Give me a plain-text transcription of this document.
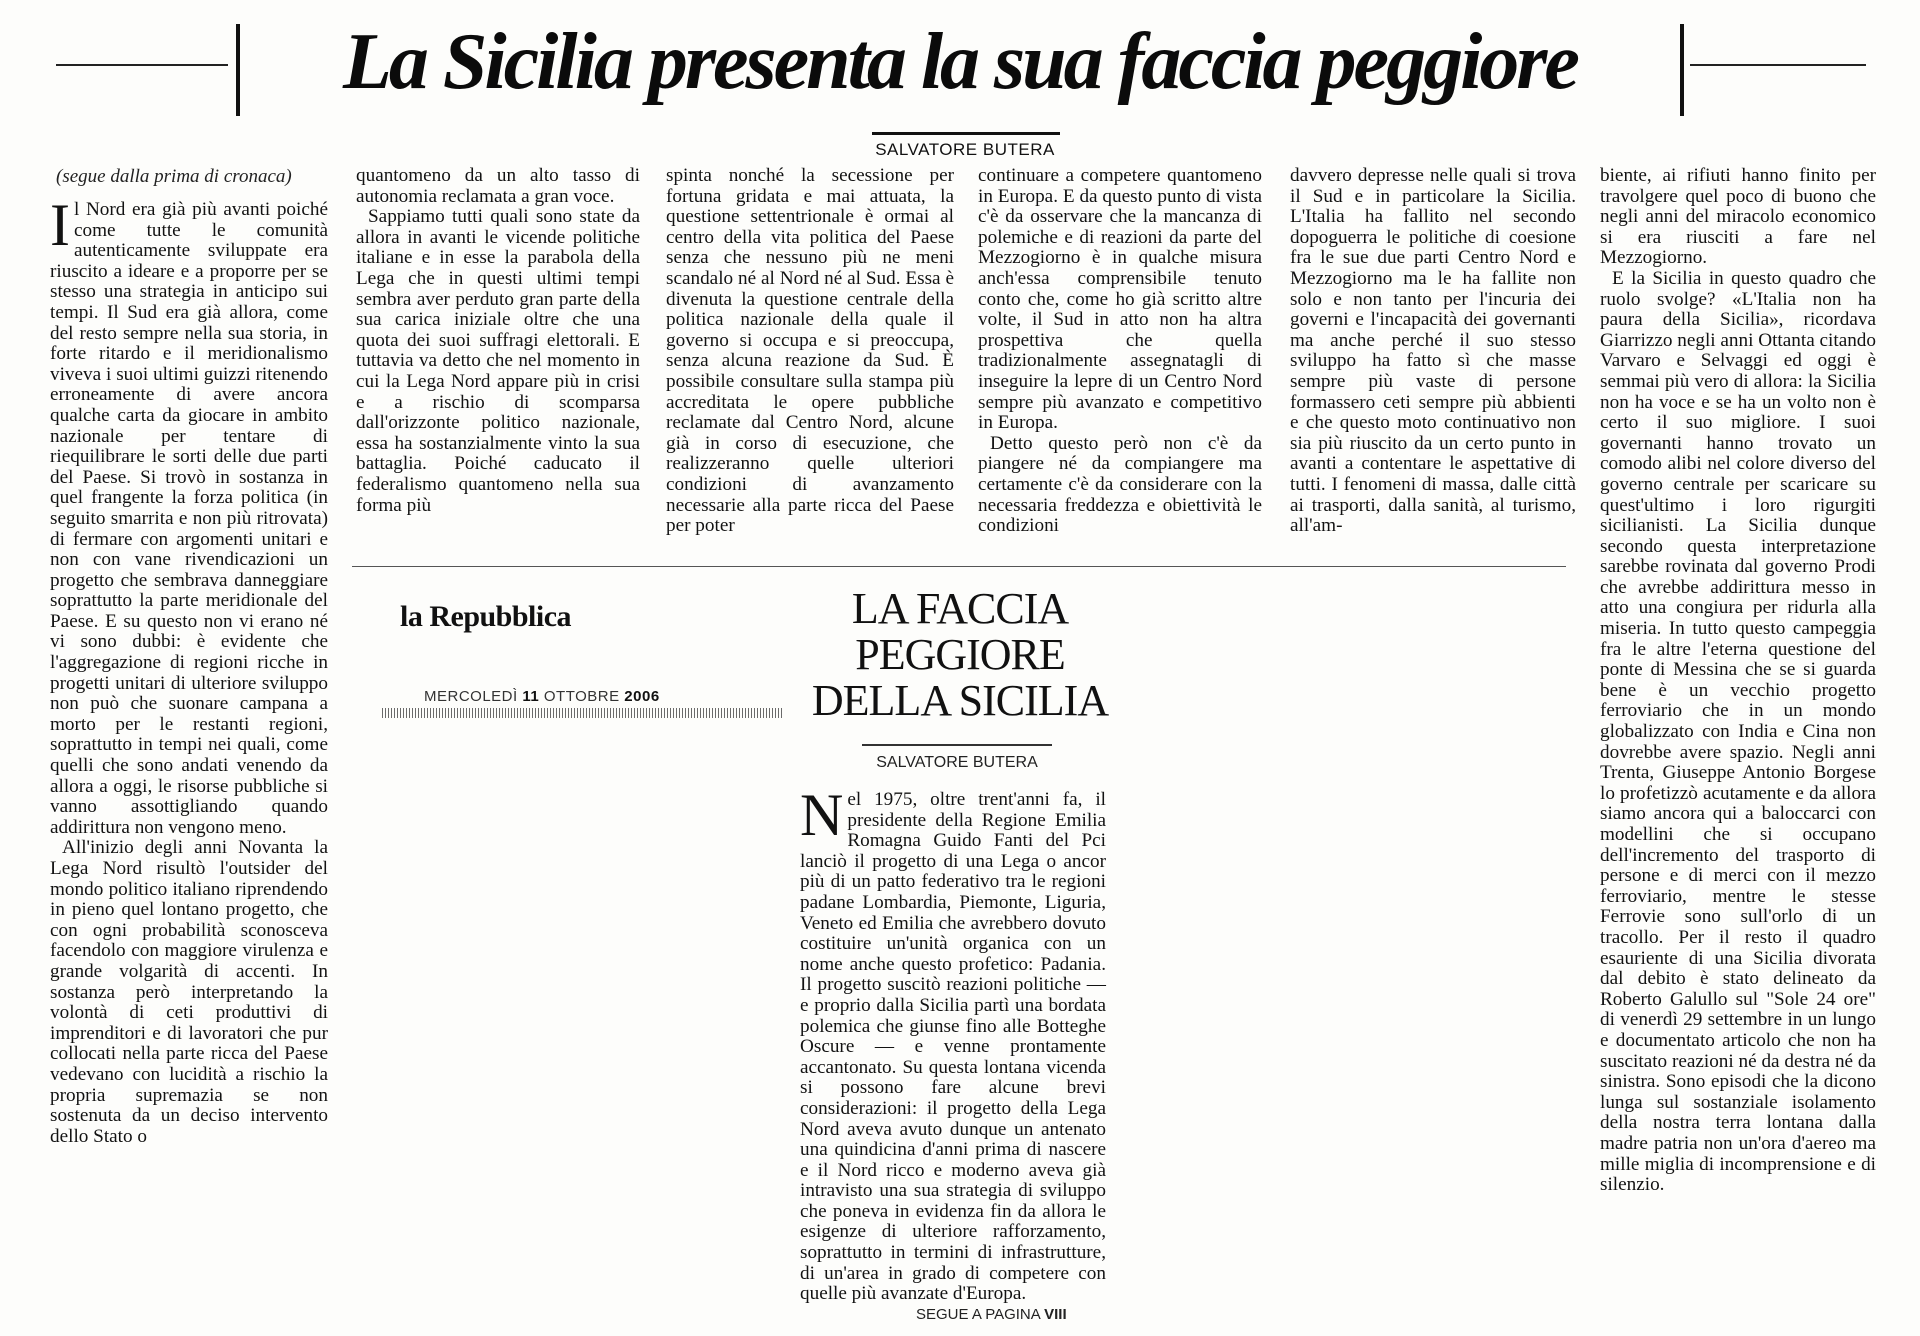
La Sicilia presenta la sua faccia peggiore
SALVATORE BUTERA
(segue dalla prima di cronaca)

Il Nord era già più avanti poiché come tutte le comunità autenticamente sviluppate era riuscito a ideare e a proporre per se stesso una strategia in anticipo sui tempi. Il Sud era già allora, come del resto sempre nella sua storia, in forte ritardo e il meridionalismo viveva i suoi ultimi guizzi ritenendo erroneamente di avere ancora qualche carta da giocare in ambito nazionale per tentare di riequilibrare le sorti delle due parti del Paese. Si trovò in sostanza in quel frangente la forza politica (in seguito smarrita e non più ritrovata) di fermare con argomenti unitari e non con vane rivendicazioni un progetto che sembrava danneggiare soprattutto la parte meridionale del Paese. E su questo non vi erano né vi sono dubbi: è evidente che l'aggregazione di regioni ricche in progetti unitari di ulteriore sviluppo non può che suonare campana a morto per le restanti regioni, soprattutto in tempi nei quali, come quelli che sono andati venendo da allora a oggi, le risorse pubbliche si vanno assottigliando quando addirittura non vengono meno.

All'inizio degli anni Novanta la Lega Nord risultò l'outsider del mondo politico italiano riprendendo in pieno quel lontano progetto, che con ogni probabilità sconosceva facendolo con maggiore virulenza e grande volgarità di accenti. In sostanza però interpretando la volontà di ceti produttivi di imprenditori e di lavoratori che pur collocati nella parte ricca del Paese vedevano con lucidità a rischio la propria supremazia se non sostenuta da un deciso intervento dello Stato o

quantomeno da un alto tasso di autonomia reclamata a gran voce.

Sappiamo tutti quali sono state da allora in avanti le vicende politiche italiane e in esse la parabola della Lega che in questi ultimi tempi sembra aver perduto gran parte della sua carica iniziale oltre che una quota dei suoi suffragi elettorali. E tuttavia va detto che nel momento in cui la Lega Nord appare più in crisi e a rischio di scomparsa dall'orizzonte politico nazionale, essa ha sostanzialmente vinto la sua battaglia. Poiché caducato il federalismo quantomeno nella sua forma più

spinta nonché la secessione per fortuna gridata e mai attuata, la questione settentrionale è ormai al centro della vita politica del Paese senza che nessuno più ne meni scandalo né al Nord né al Sud. Essa è divenuta la questione centrale della politica nazionale della quale il governo si occupa e si preoccupa, senza alcuna reazione da Sud. È possibile consultare sulla stampa più accreditata le opere pubbliche reclamate dal Centro Nord, alcune già in corso di esecuzione, che realizzeranno quelle ulteriori condizioni di avanzamento necessarie alla parte ricca del Paese per poter

continuare a competere quantomeno in Europa. E da questo punto di vista c'è da osservare che la mancanza di polemiche e di reazioni da parte del Mezzogiorno è in qualche misura anch'essa comprensibile tenuto conto che, come ho già scritto altre volte, il Sud in atto non ha altra prospettiva che quella tradizionalmente assegnatagli di inseguire la lepre di un Centro Nord sempre più avanzato e competitivo in Europa.

Detto questo però non c'è da piangere né da compiangere ma certamente c'è da considerare con la necessaria freddezza e obiettività le condizioni

davvero depresse nelle quali si trova il Sud e in particolare la Sicilia. L'Italia ha fallito nel secondo dopoguerra le politiche di coesione fra le sue due parti Centro Nord e Mezzogiorno ma le ha fallite non solo e non tanto per l'incuria dei governi e l'incapacità dei governanti ma anche perché il suo stesso sviluppo ha fatto sì che masse sempre più vaste di persone formassero ceti sempre più abbienti e che questo moto continuativo non sia più riuscito da un certo punto in avanti a contentare le aspettative di tutti. I fenomeni di massa, dalle città ai trasporti, dalla sanità, al turismo, all'am-

biente, ai rifiuti hanno finito per travolgere quel poco di buono che negli anni del miracolo economico si era riusciti a fare nel Mezzogiorno.

E la Sicilia in questo quadro che ruolo svolge? «L'Italia non ha paura della Sicilia», ricordava Giarrizzo negli anni Ottanta citando Varvaro e Selvaggi ed oggi è semmai più vero di allora: la Sicilia non ha voce e se ha un volto non è certo il suo migliore. I suoi governanti hanno trovato un comodo alibi nel colore diverso del governo centrale per scaricare su quest'ultimo i loro rigurgiti sicilianisti. La Sicilia dunque secondo questa interpretazione sarebbe rovinata dal governo Prodi che avrebbe addirittura messo in atto una congiura per ridurla alla miseria. In tutto questo campeggia fra le altre l'eterna questione del ponte di Messina che se si guarda bene è un vecchio progetto ferroviario che in un mondo globalizzato con India e Cina non dovrebbe avere spazio. Negli anni Trenta, Giuseppe Antonio Borgese lo profetizzò acutamente e da allora siamo ancora qui a baloccarci con modellini che si occupano dell'incremento del trasporto di persone e di merci con il mezzo ferroviario, mentre le stesse Ferrovie sono sull'orlo di un tracollo. Per il resto il quadro esauriente di una Sicilia divorata dal debito è stato delineato da Roberto Galullo sul "Sole 24 ore" di venerdì 29 settembre in un lungo e documentato articolo che non ha suscitato reazioni né da destra né da sinistra. Sono episodi che la dicono lunga sul sostanziale isolamento della nostra terra lontana dalla madre patria non un'ora d'aereo ma mille miglia di incomprensione e di silenzio.

la Repubblica
MERCOLEDÌ 11 OTTOBRE 2006
LA FACCIA
PEGGIORE
DELLA SICILIA
SALVATORE BUTERA

Nel 1975, oltre trent'anni fa, il presidente della Regione Emilia Romagna Guido Fanti del Pci lanciò il progetto di una Lega o ancor più di un patto federativo tra le regioni padane Lombardia, Piemonte, Liguria, Veneto ed Emilia che avrebbero dovuto costituire un'unità organica con un nome anche questo profetico: Padania. Il progetto suscitò reazioni politiche — e proprio dalla Sicilia partì una bordata polemica che giunse fino alle Botteghe Oscure — e venne prontamente accantonato. Su questa lontana vicenda si possono fare alcune brevi considerazioni: il progetto della Lega Nord aveva avuto dunque un antenato una quindicina d'anni prima di nascere e il Nord ricco e moderno aveva già intravisto una sua strategia di sviluppo che poneva in evidenza fin da allora le esigenze di ulteriore rafforzamento, soprattutto in termini di infrastrutture, di un'area in grado di competere con quelle più avanzate d'Europa.

SEGUE A PAGINA VIII
